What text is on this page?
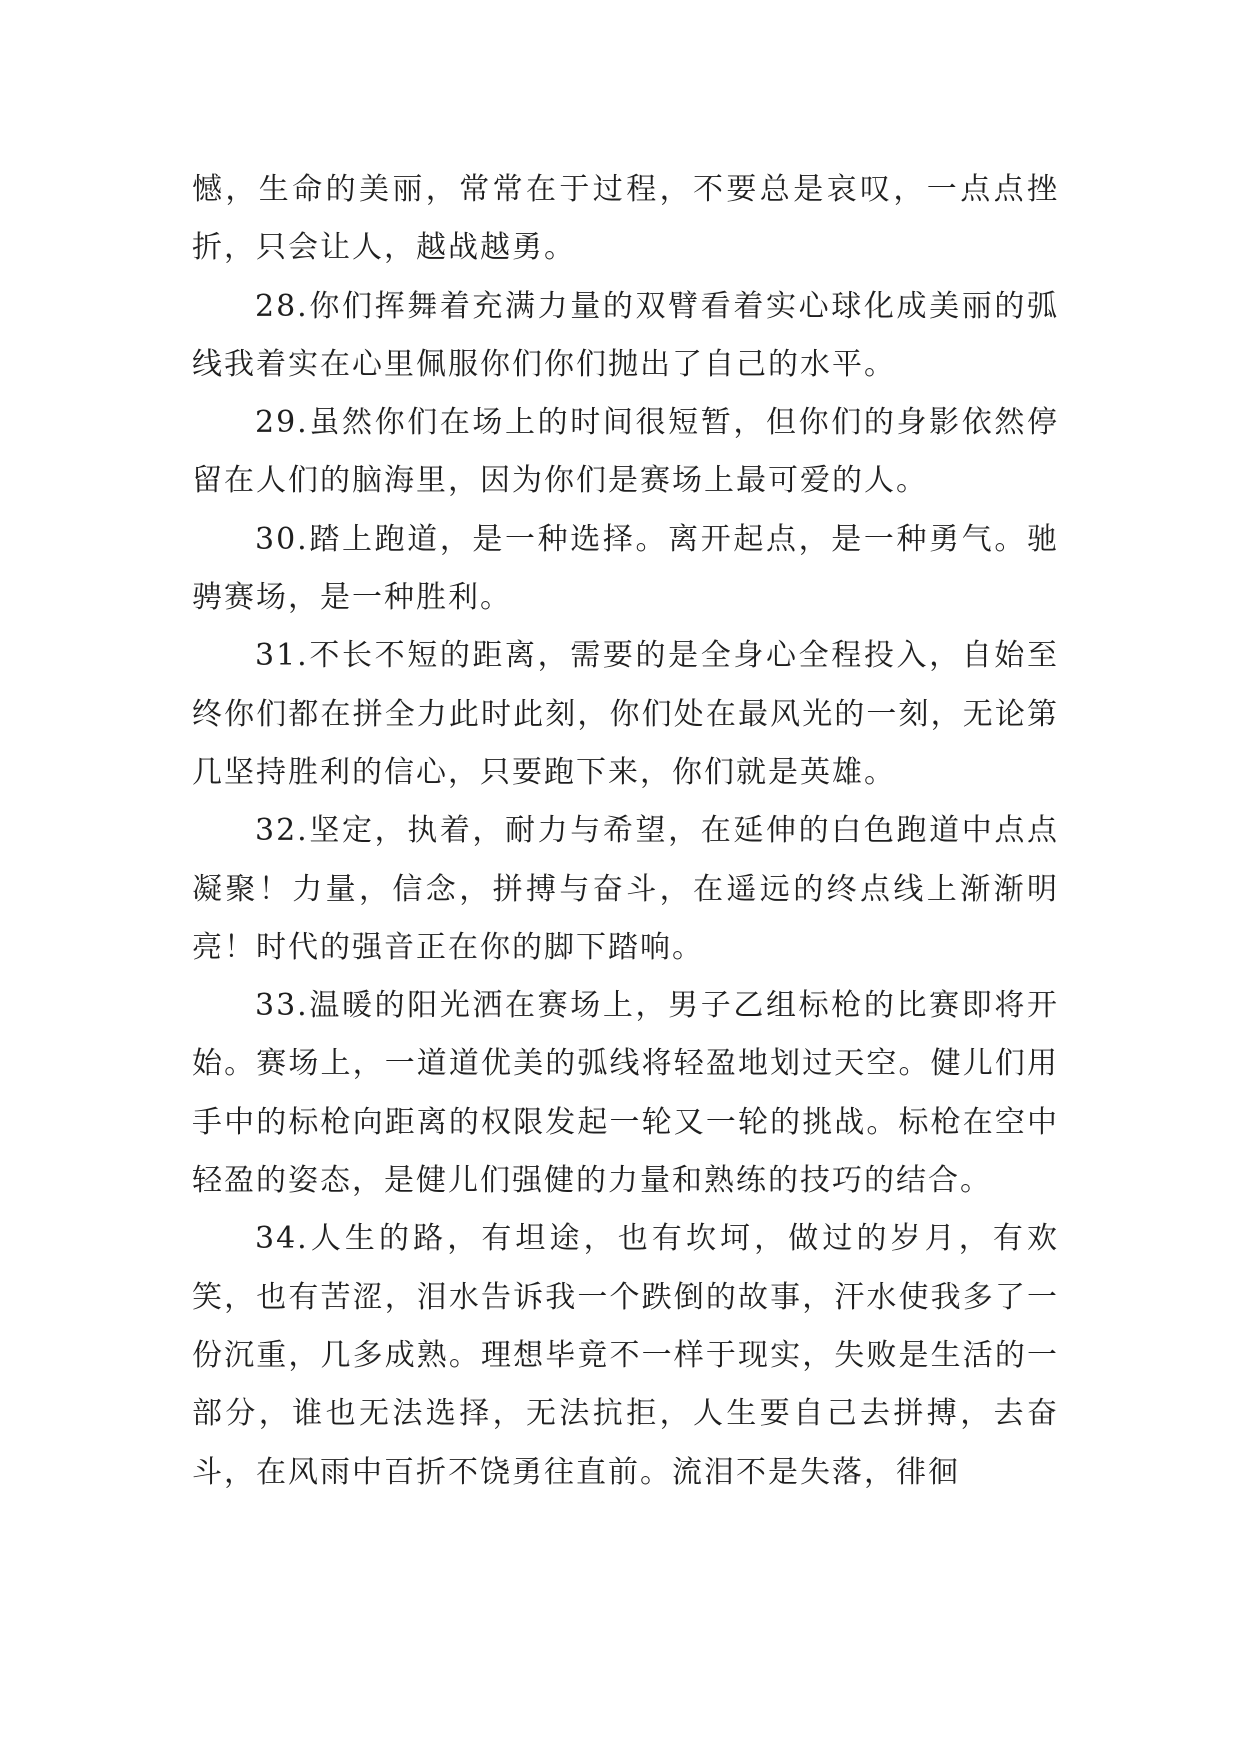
憾，生命的美丽，常常在于过程，不要总是哀叹，一点点挫折，只会让人，越战越勇。

28.你们挥舞着充满力量的双臂看着实心球化成美丽的弧线我着实在心里佩服你们你们抛出了自己的水平。

29.虽然你们在场上的时间很短暂，但你们的身影依然停留在人们的脑海里，因为你们是赛场上最可爱的人。

30.踏上跑道，是一种选择。离开起点，是一种勇气。驰骋赛场，是一种胜利。

31.不长不短的距离，需要的是全身心全程投入，自始至终你们都在拼全力此时此刻，你们处在最风光的一刻，无论第几坚持胜利的信心，只要跑下来，你们就是英雄。

32.坚定，执着，耐力与希望，在延伸的白色跑道中点点凝聚！力量，信念，拼搏与奋斗，在遥远的终点线上渐渐明亮！时代的强音正在你的脚下踏响。

33.温暖的阳光洒在赛场上，男子乙组标枪的比赛即将开始。赛场上，一道道优美的弧线将轻盈地划过天空。健儿们用手中的标枪向距离的权限发起一轮又一轮的挑战。标枪在空中轻盈的姿态，是健儿们强健的力量和熟练的技巧的结合。

34.人生的路，有坦途，也有坎坷，做过的岁月，有欢笑，也有苦涩，泪水告诉我一个跌倒的故事，汗水使我多了一份沉重，几多成熟。理想毕竟不一样于现实，失败是生活的一部分，谁也无法选择，无法抗拒，人生要自己去拼搏，去奋斗，在风雨中百折不饶勇往直前。流泪不是失落，徘徊
